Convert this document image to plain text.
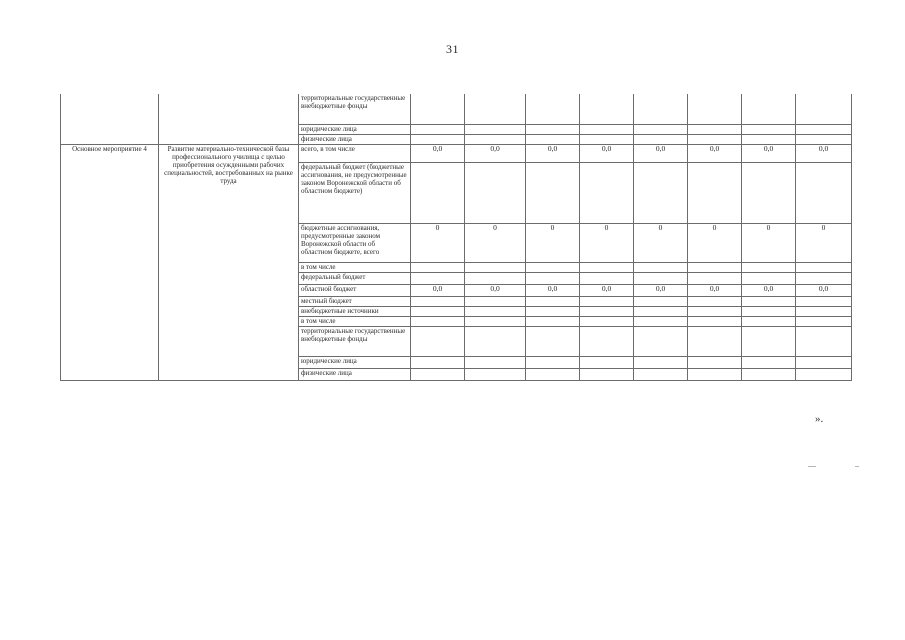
31
		территориальные государственные внебюджетные фонды								
		юридические лица								
		физические лица								
Основное мероприятие 4	Развитие материально-технической базы профессионального училища с целью приобретения осужденными рабочих специальностей, востребованных на рынке труда	всего, в том числе	0,0	0,0	0,0	0,0	0,0	0,0	0,0	0,0
		федеральный бюджет (бюджетные ассигнования, не предусмотренные законом Воронежской области об областном бюджете)								
		бюджетные ассигнования, предусмотренные законом Воронежской области об областном бюджете, всего	0	0	0	0	0	0	0	0
		в том числе								
		федеральный бюджет								
		областной бюджет	0,0	0,0	0,0	0,0	0,0	0,0	0,0	0,0
		местный бюджет								
		внебюджетные источники								
		в том числе								
		территориальные государственные внебюджетные фонды								
		юридические лица								
		физические лица								
».
